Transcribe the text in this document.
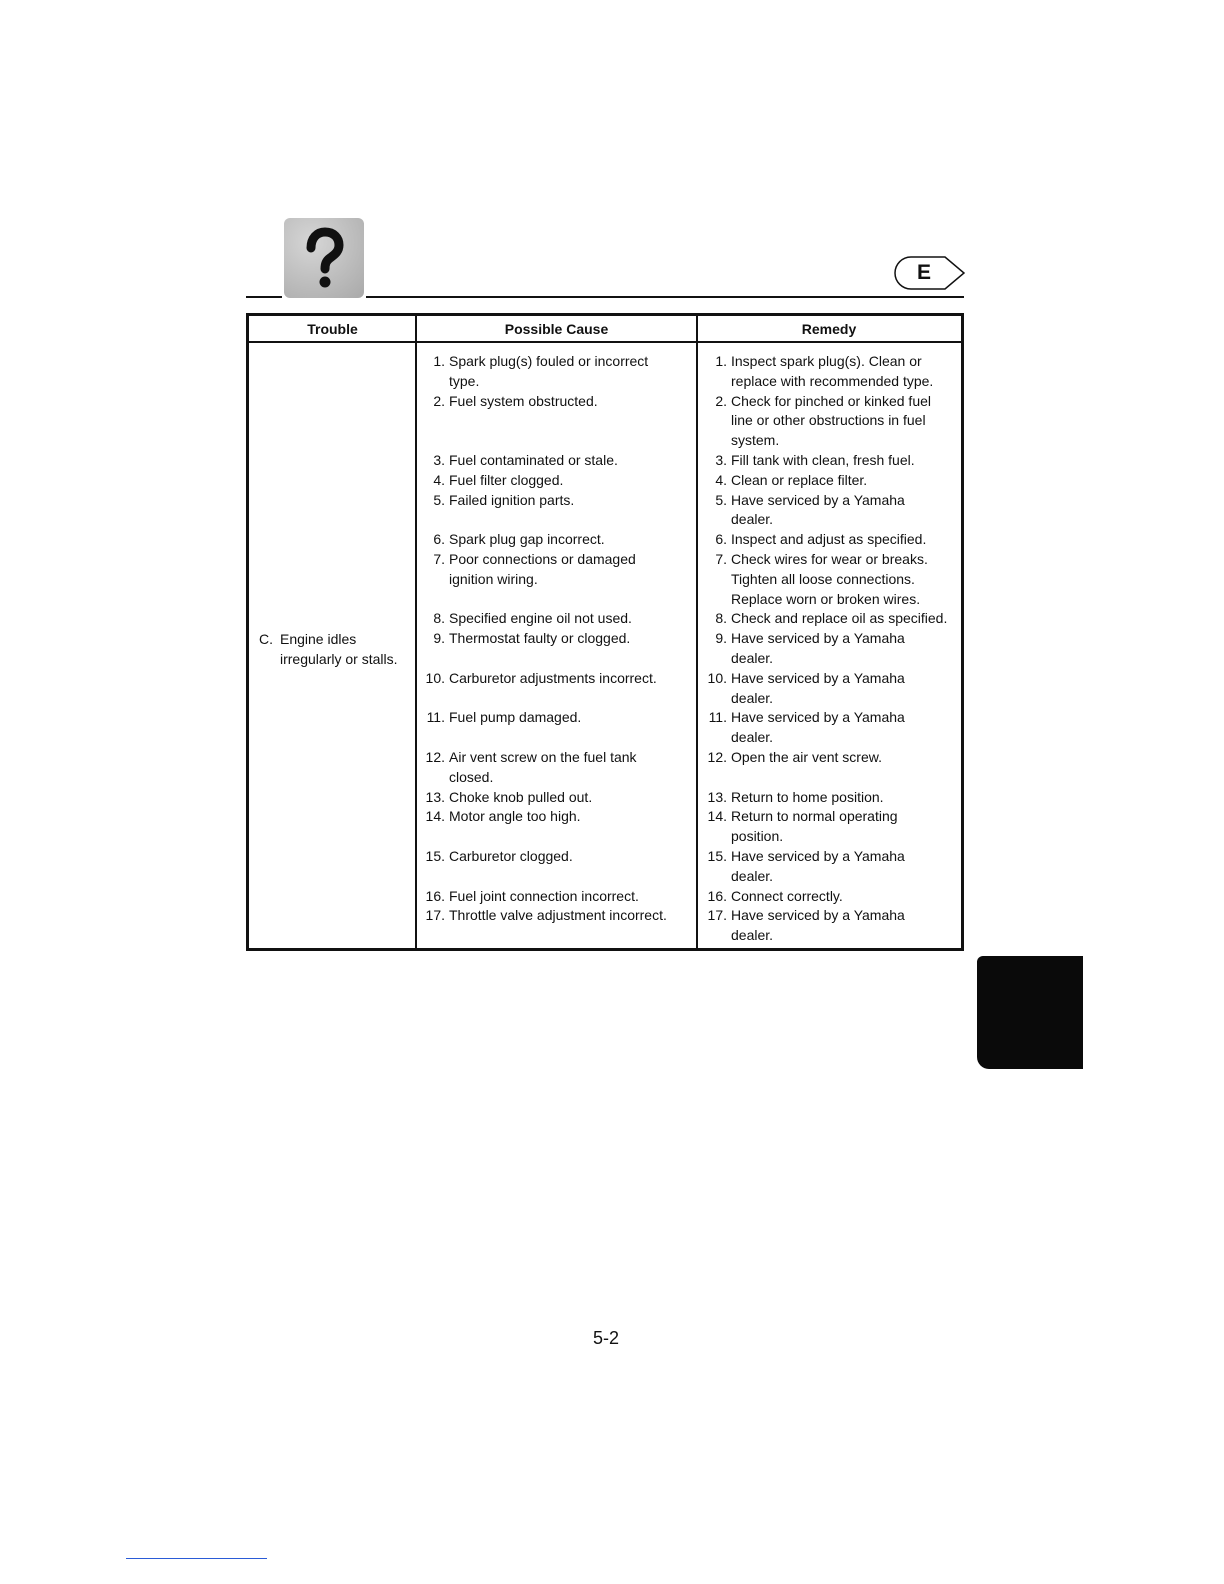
E
Trouble	Possible Cause	Remedy
C. Engine idles
irregularly or stalls.
1. Spark plug(s) fouled or incorrect
type.
2. Fuel system obstructed.
3. Fuel contaminated or stale.
4. Fuel filter clogged.
5. Failed ignition parts.
6. Spark plug gap incorrect.
7. Poor connections or damaged
ignition wiring.
8. Specified engine oil not used.
9. Thermostat faulty or clogged.
10. Carburetor adjustments incorrect.
11. Fuel pump damaged.
12. Air vent screw on the fuel tank
closed.
13. Choke knob pulled out.
14. Motor angle too high.
15. Carburetor clogged.
16. Fuel joint connection incorrect.
17. Throttle valve adjustment incorrect.
1. Inspect spark plug(s). Clean or
replace with recommended type.
2. Check for pinched or kinked fuel
line or other obstructions in fuel
system.
3. Fill tank with clean, fresh fuel.
4. Clean or replace filter.
5. Have serviced by a Yamaha
dealer.
6. Inspect and adjust as specified.
7. Check wires for wear or breaks.
Tighten all loose connections.
Replace worn or broken wires.
8. Check and replace oil as specified.
9. Have serviced by a Yamaha
dealer.
10. Have serviced by a Yamaha
dealer.
11. Have serviced by a Yamaha
dealer.
12. Open the air vent screw.
13. Return to home position.
14. Return to normal operating
position.
15. Have serviced by a Yamaha
dealer.
16. Connect correctly.
17. Have serviced by a Yamaha
dealer.
5-2
